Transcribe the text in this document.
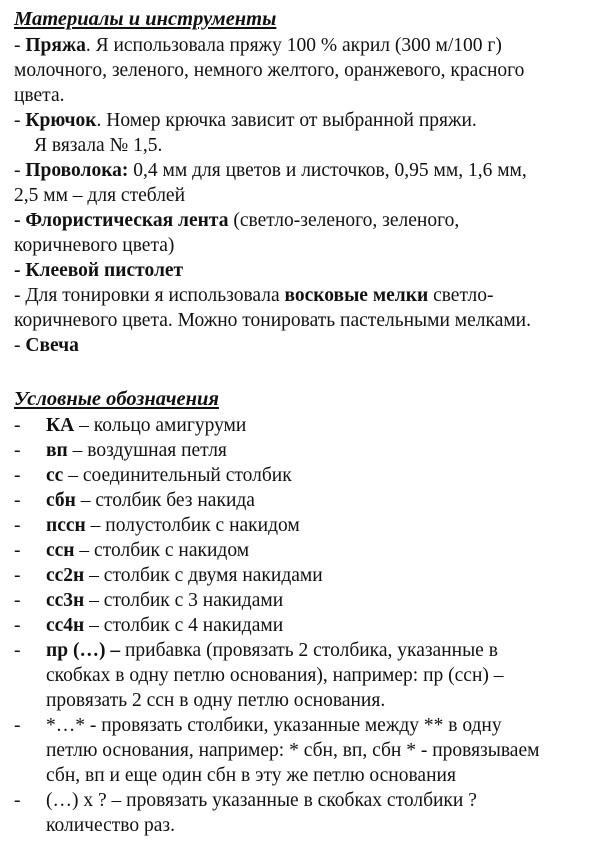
Материалы и инструменты
- Пряжа. Я использовала пряжу 100 % акрил (300 м/100 г)
молочного, зеленого, немного желтого, оранжевого, красного
цвета.
- Крючок. Номер крючка зависит от выбранной пряжи.
Я вязала № 1,5.
- Проволока: 0,4 мм для цветов и листочков, 0,95 мм, 1,6 мм,
2,5 мм – для стеблей
- Флористическая лента (светло-зеленого, зеленого,
коричневого цвета)
- Клеевой пистолет
- Для тонировки я использовала восковые мелки светло-
коричневого цвета. Можно тонировать пастельными мелками.
- Свеча
Условные обозначения
- КА – кольцо амигуруми
- вп – воздушная петля
- сс – соединительный столбик
- сбн – столбик без накида
- пссн – полустолбик с накидом
- ссн – столбик с накидом
- сс2н – столбик с двумя накидами
- сс3н – столбик с 3 накидами
- сс4н – столбик с 4 накидами
- пр (…) – прибавка (провязать 2 столбика, указанные в
скобках в одну петлю основания), например: пр (ссн) –
провязать 2 ссн в одну петлю основания.
- *…* - провязать столбики, указанные между ** в одну
петлю основания, например: * сбн, вп, сбн * - провязываем
сбн, вп и еще один сбн в эту же петлю основания
- (…) х ? – провязать указанные в скобках столбики ?
количество раз.
